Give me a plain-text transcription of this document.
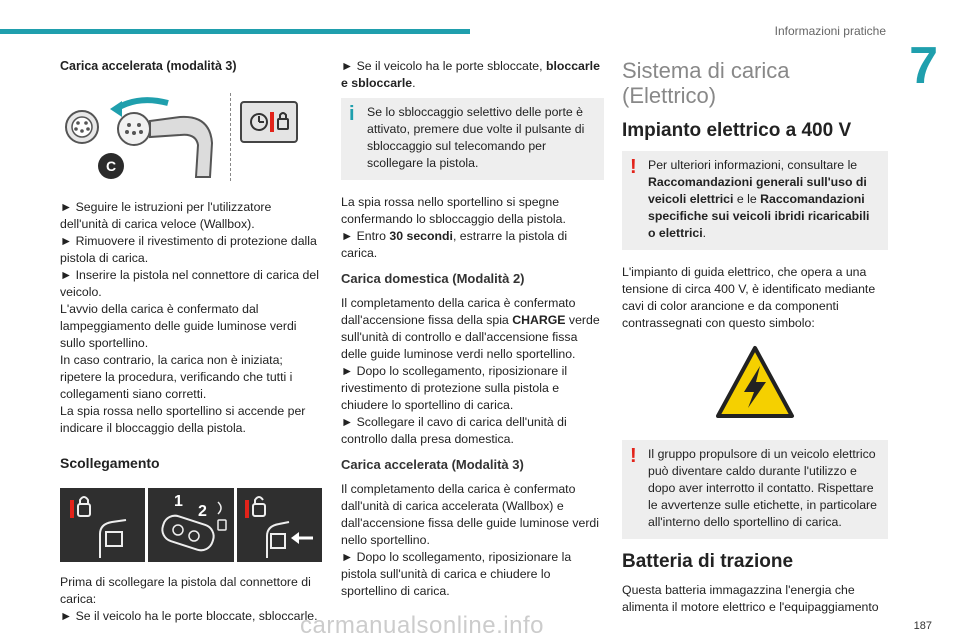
Informazioni pratiche
7
Carica accelerata (modalità 3)
C
► Seguire le istruzioni per l'utilizzatore dell'unità di carica veloce (Wallbox).
► Rimuovere il rivestimento di protezione dalla pistola di carica.
► Inserire la pistola nel connettore di carica del veicolo.
L'avvio della carica è confermato dal lampeggiamento delle guide luminose verdi sullo sportellino.
In caso contrario, la carica non è iniziata; ripetere la procedura, verificando che tutti i collegamenti siano corretti.
La spia rossa nello sportellino si accende per indicare il bloccaggio della pistola.
Scollegamento
1
2
Prima di scollegare la pistola dal connettore di carica:
► Se il veicolo ha le porte bloccate, sbloccarle.
► Se il veicolo ha le porte sbloccate, bloccarle e sbloccarle.
i Se lo sbloccaggio selettivo delle porte è attivato, premere due volte il pulsante di sbloccaggio sul telecomando per scollegare la pistola.
La spia rossa nello sportellino si spegne confermando lo sbloccaggio della pistola.
► Entro 30 secondi, estrarre la pistola di carica.
Carica domestica (Modalità 2)
Il completamento della carica è confermato dall'accensione fissa della spia CHARGE verde sull'unità di controllo e dall'accensione fissa delle guide luminose verdi nello sportellino.
► Dopo lo scollegamento, riposizionare il rivestimento di protezione sulla pistola e chiudere lo sportellino di carica.
► Scollegare il cavo di carica dell'unità di controllo dalla presa domestica.
Carica accelerata (Modalità 3)
Il completamento della carica è confermato dall'unità di carica accelerata (Wallbox) e dall'accensione fissa delle guide luminose verdi nello sportellino.
► Dopo lo scollegamento, riposizionare la pistola sull'unità di carica e chiudere lo sportellino di carica.
Sistema di carica (Elettrico)
Impianto elettrico a 400 V
! Per ulteriori informazioni, consultare le Raccomandazioni generali sull'uso di veicoli elettrici e le Raccomandazioni specifiche sui veicoli ibridi ricaricabili o elettrici.
L'impianto di guida elettrico, che opera a una tensione di circa 400 V, è identificato mediante cavi di color arancione e da componenti contrassegnati con questo simbolo:
! Il gruppo propulsore di un veicolo elettrico può diventare caldo durante l'utilizzo e dopo aver interrotto il contatto. Rispettare le avvertenze sulle etichette, in particolare all'interno dello sportellino di carica.
Batteria di trazione
Questa batteria immagazzina l'energia che alimenta il motore elettrico e l'equipaggiamento
carmanualsonline.info	187
